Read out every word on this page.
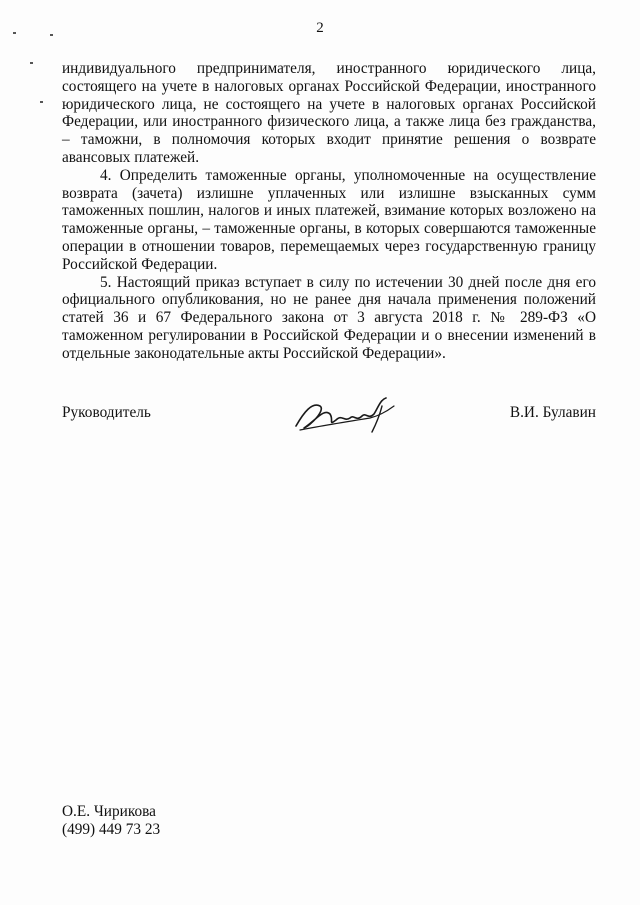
2

индивидуального предпринимателя, иностранного юридического лица, состоящего на учете в налоговых органах Российской Федерации, иностранного юридического лица, не состоящего на учете в налоговых органах Российской Федерации, или иностранного физического лица, а также лица без гражданства, – таможни, в полномочия которых входит принятие решения о возврате авансовых платежей.

4. Определить таможенные органы, уполномоченные на осуществление возврата (зачета) излишне уплаченных или излишне взысканных сумм таможенных пошлин, налогов и иных платежей, взимание которых возложено на таможенные органы, – таможенные органы, в которых совершаются таможенные операции в отношении товаров, перемещаемых через государственную границу Российской Федерации.

5. Настоящий приказ вступает в силу по истечении 30 дней после дня его официального опубликования, но не ранее дня начала применения положений статей 36 и 67 Федерального закона от 3 августа 2018 г. № 289-ФЗ «О таможенном регулировании в Российской Федерации и о внесении изменений в отдельные законодательные акты Российской Федерации».

Руководитель	В.И. Булавин
О.Е. Чирикова
(499) 449 73 23
